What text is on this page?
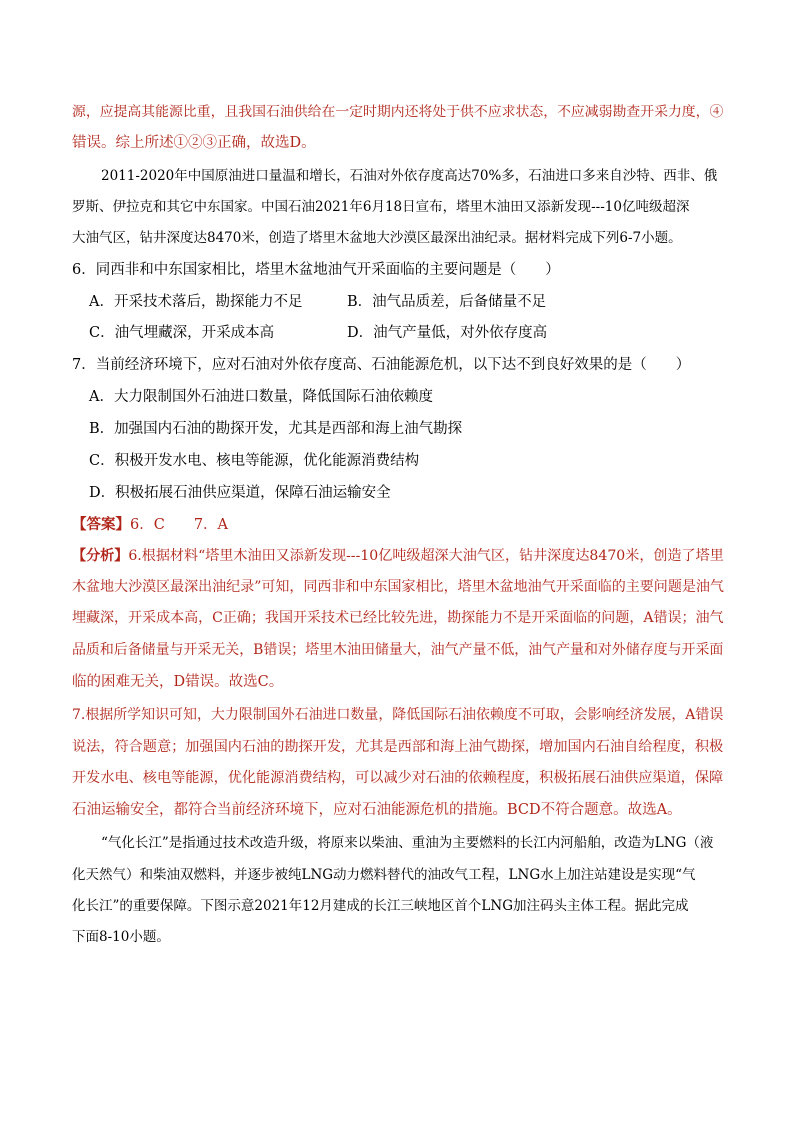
源，应提高其能源比重，且我国石油供给在一定时期内还将处于供不应求状态，不应减弱勘查开采力度，④
错误。综上所述①②③正确，故选D。
2011-2020年中国原油进口量温和增长，石油对外依存度高达70%多，石油进口多来自沙特、西非、俄
罗斯、伊拉克和其它中东国家。中国石油2021年6月18日宣布，塔里木油田又添新发现---10亿吨级超深
大油气区，钻井深度达8470米，创造了塔里木盆地大沙漠区最深出油纪录。据材料完成下列6-7小题。
6．同西非和中东国家相比，塔里木盆地油气开采面临的主要问题是（　　）
A．开采技术落后，勘探能力不足	B．油气品质差，后备储量不足
C．油气埋藏深，开采成本高	D．油气产量低，对外依存度高
7．当前经济环境下，应对石油对外依存度高、石油能源危机，以下达不到良好效果的是（　　）
A．大力限制国外石油进口数量，降低国际石油依赖度
B．加强国内石油的勘探开发，尤其是西部和海上油气勘探
C．积极开发水电、核电等能源，优化能源消费结构
D．积极拓展石油供应渠道，保障石油运输安全
【答案】6．C　　7．A
【分析】6.根据材料“塔里木油田又添新发现---10亿吨级超深大油气区，钻井深度达8470米，创造了塔里
木盆地大沙漠区最深出油纪录”可知，同西非和中东国家相比，塔里木盆地油气开采面临的主要问题是油气
埋藏深，开采成本高，C正确；我国开采技术已经比较先进，勘探能力不是开采面临的问题，A错误；油气
品质和后备储量与开采无关，B错误；塔里木油田储量大，油气产量不低，油气产量和对外储存度与开采面
临的困难无关，D错误。故选C。
7.根据所学知识可知，大力限制国外石油进口数量，降低国际石油依赖度不可取，会影响经济发展，A错误
说法，符合题意；加强国内石油的勘探开发，尤其是西部和海上油气勘探，增加国内石油自给程度，积极
开发水电、核电等能源，优化能源消费结构，可以减少对石油的依赖程度，积极拓展石油供应渠道，保障
石油运输安全，都符合当前经济环境下，应对石油能源危机的措施。BCD不符合题意。故选A。
“气化长江”是指通过技术改造升级，将原来以柴油、重油为主要燃料的长江内河船舶，改造为LNG（液
化天然气）和柴油双燃料，并逐步被纯LNG动力燃料替代的油改气工程，LNG水上加注站建设是实现“气
化长江”的重要保障。下图示意2021年12月建成的长江三峡地区首个LNG加注码头主体工程。据此完成
下面8-10小题。
